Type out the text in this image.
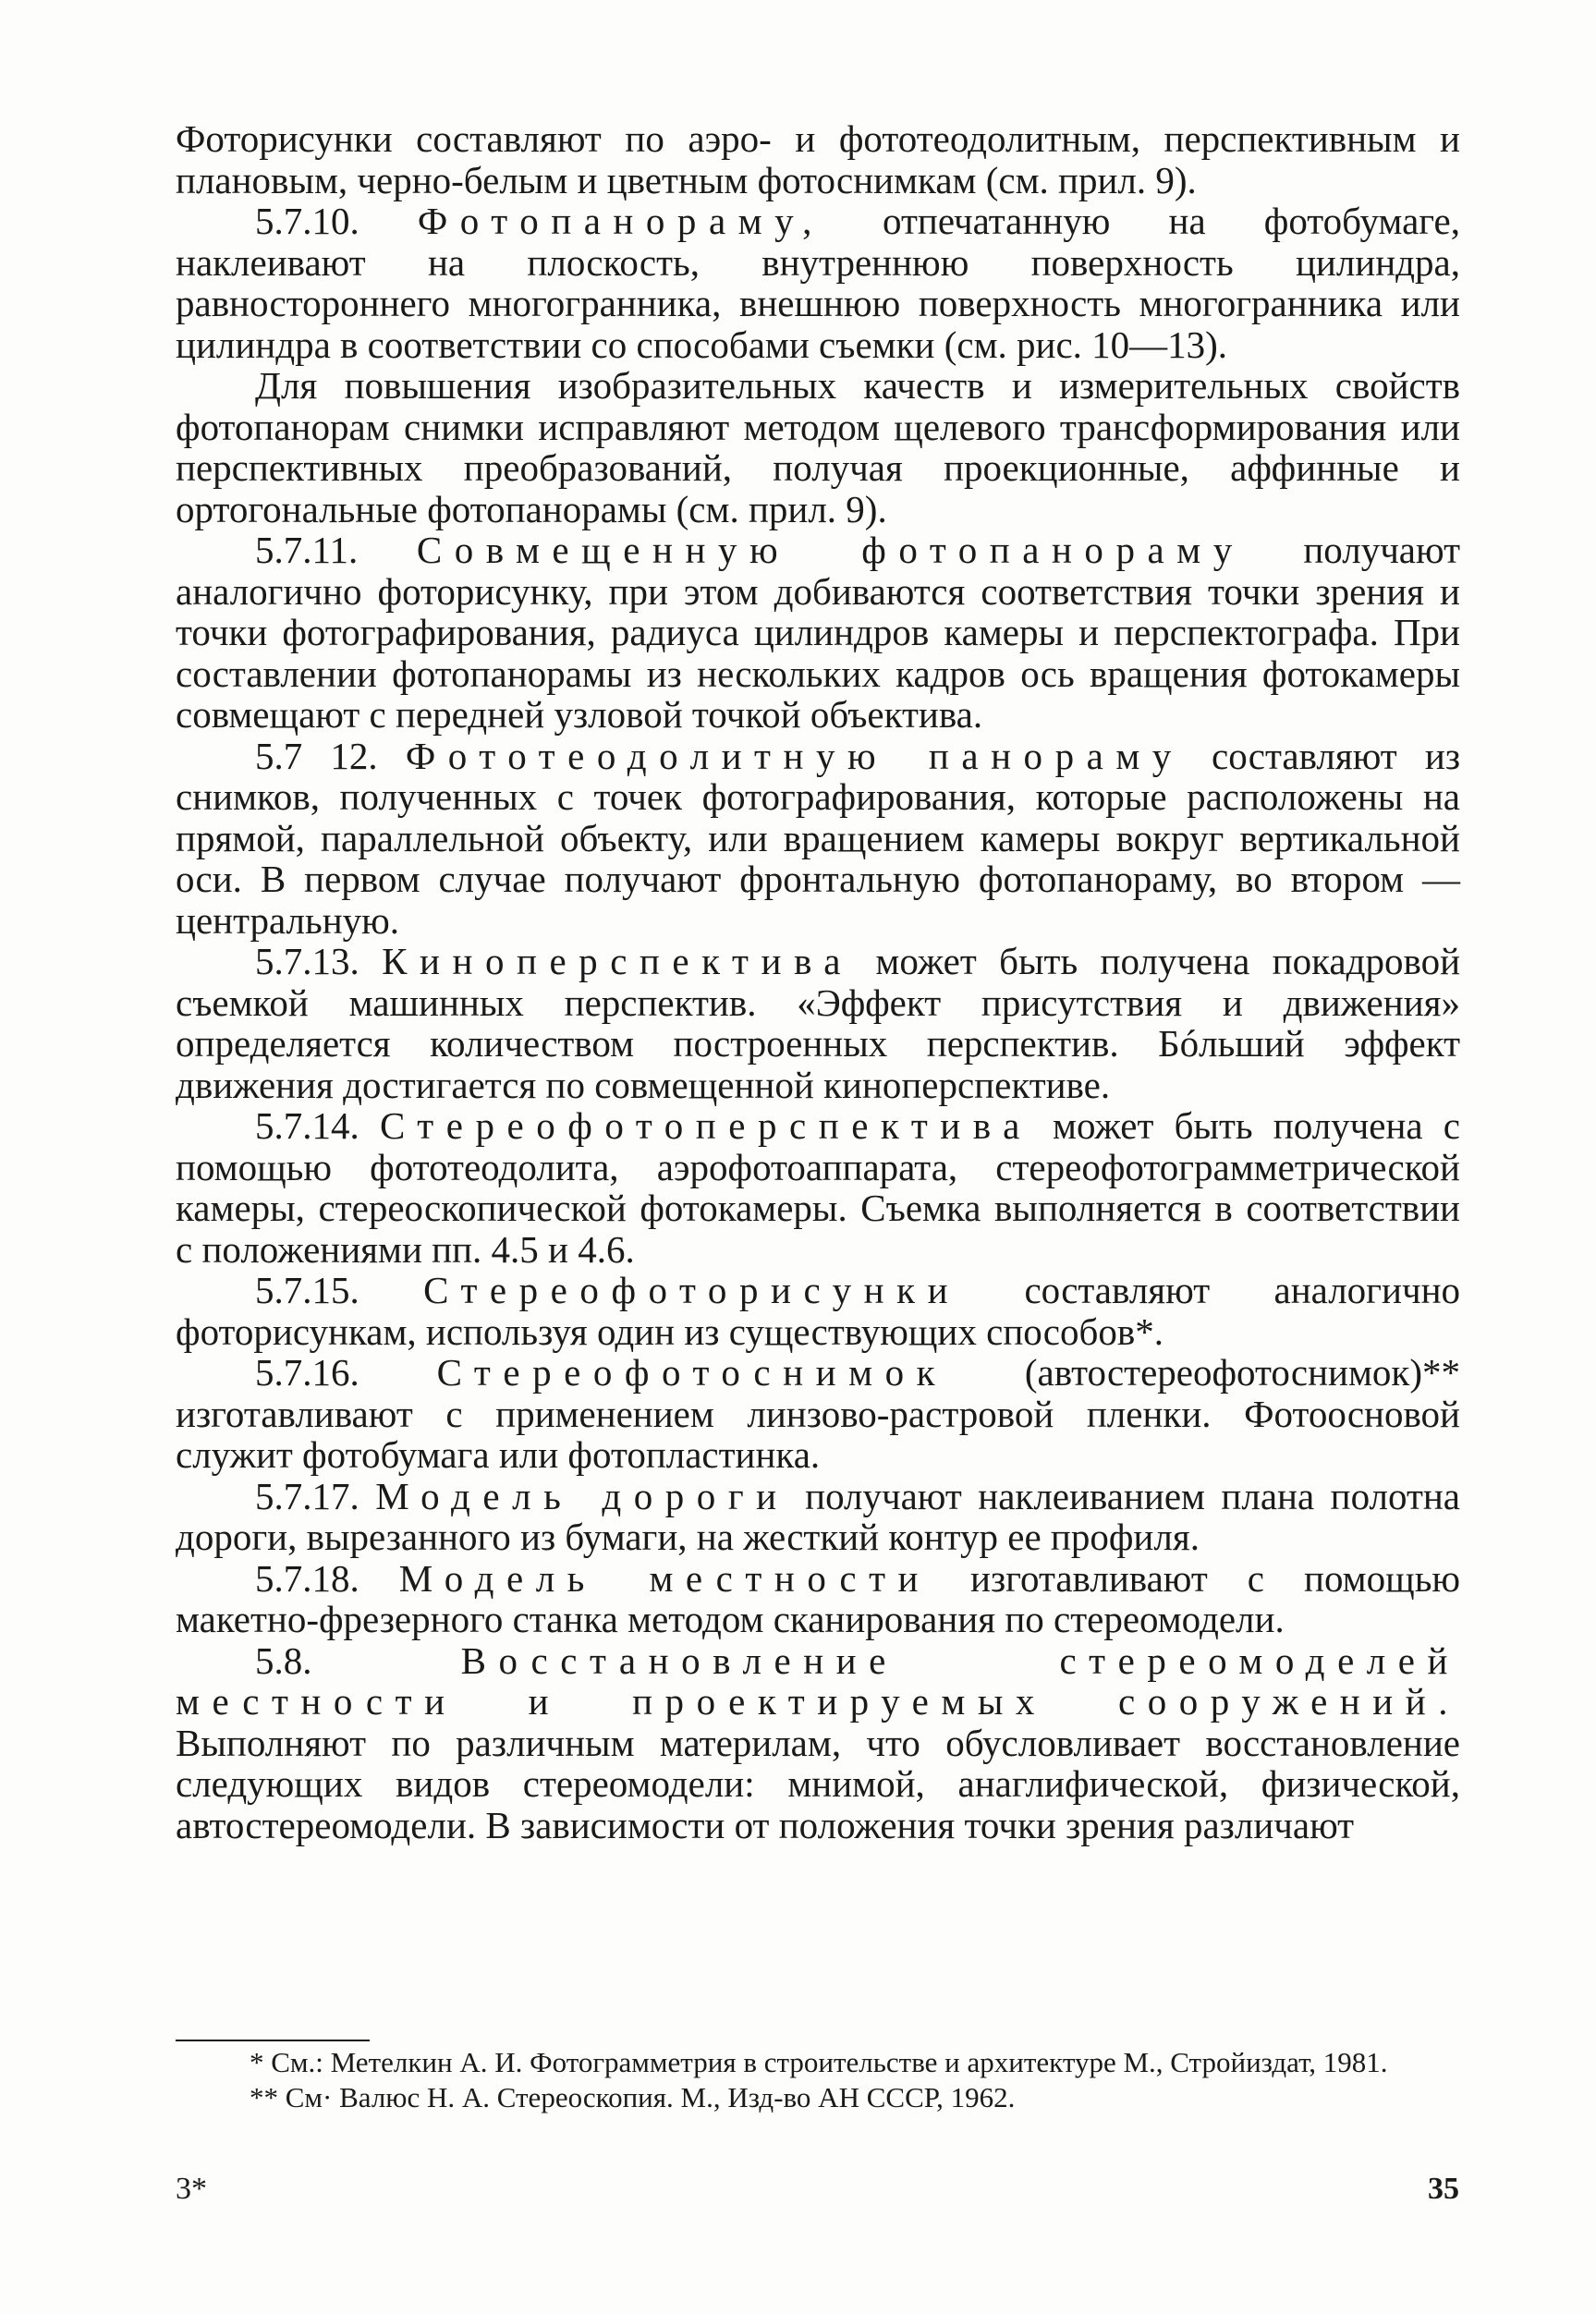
Фоторисунки составляют по аэро- и фототеодолитным, перспективным и плановым, черно-белым и цветным фотоснимкам (см. прил. 9).

5.7.10. Фотопанораму, отпечатанную на фотобумаге, наклеивают на плоскость, внутреннюю поверхность цилиндра, равностороннего многогранника, внешнюю поверхность многогранника или цилиндра в соответствии со способами съемки (см. рис. 10—13).

Для повышения изобразительных качеств и измерительных свойств фотопанорам снимки исправляют методом щелевого трансформирования или перспективных преобразований, получая проекционные, аффинные и ортогональные фотопанорамы (см. прил. 9).

5.7.11. Совмещенную фотопанораму получают аналогично фоторисунку, при этом добиваются соответствия точки зрения и точки фотографирования, радиуса цилиндров камеры и перспектографа. При составлении фотопанорамы из нескольких кадров ось вращения фотокамеры совмещают с передней узловой точкой объектива.

5.7 12. Фототеодолитную панораму составляют из снимков, полученных с точек фотографирования, которые расположены на прямой, параллельной объекту, или вращением камеры вокруг вертикальной оси. В первом случае получают фронтальную фотопанораму, во втором — центральную.

5.7.13. Киноперспектива может быть получена покадровой съемкой машинных перспектив. «Эффект присутствия и движения» определяется количеством построенных перспектив. Бóльший эффект движения достигается по совмещенной киноперспективе.

5.7.14. Стереофотоперспектива может быть получена с помощью фототеодолита, аэрофотоаппарата, стереофотограмметрической камеры, стереоскопической фотокамеры. Съемка выполняется в соответствии с положениями пп. 4.5 и 4.6.

5.7.15. Стереофоторисунки составляют аналогично фоторисункам, используя один из существующих способов*.

5.7.16. Стереофотоснимок (автостереофотоснимок)** изготавливают с применением линзово-растровой пленки. Фотоосновой служит фотобумага или фотопластинка.

5.7.17. Модель дороги получают наклеиванием плана полотна дороги, вырезанного из бумаги, на жесткий контур ее профиля.

5.7.18. Модель местности изготавливают с помощью макетно-фрезерного станка методом сканирования по стереомодели.

5.8.	Восстановление стереомоделей местности и проектируемых сооружений. Выполняют по различным материлам, что обусловливает восстановление следующих видов стереомодели: мнимой, анаглифической, физической, автостереомодели. В зависимости от положения точки зрения различают

* См.: Метелкин А. И. Фотограмметрия в строительстве и архитектуре М., Стройиздат, 1981.

** См· Валюс Н. А. Стереоскопия. М., Изд-во АН СССР, 1962.

3*	35
